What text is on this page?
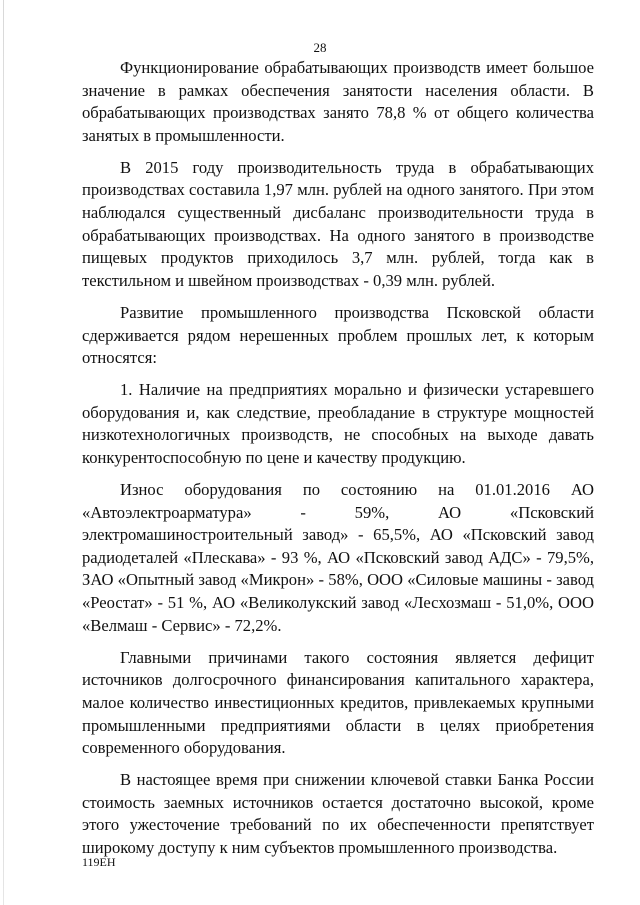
28

Функционирование обрабатывающих производств имеет большое значение в рамках обеспечения занятости населения области. В обрабатывающих производствах занято 78,8 % от общего количества занятых в промышленности.

В 2015 году производительность труда в обрабатывающих производствах составила 1,97 млн. рублей на одного занятого. При этом наблюдался существенный дисбаланс производительности труда в обрабатывающих производствах. На одного занятого в производстве пищевых продуктов приходилось 3,7 млн. рублей, тогда как в текстильном и швейном производствах - 0,39 млн. рублей.

Развитие промышленного производства Псковской области сдерживается рядом нерешенных проблем прошлых лет, к которым относятся:

1. Наличие на предприятиях морально и физически устаревшего оборудования и, как следствие, преобладание в структуре мощностей низкотехнологичных производств, не способных на выходе давать конкурентоспособную по цене и качеству продукцию.

Износ оборудования по состоянию на 01.01.2016 АО «Автоэлектроарматура» - 59%, АО «Псковский электромашиностроительный завод» - 65,5%, АО «Псковский завод радиодеталей «Плескава» - 93 %, АО «Псковский завод АДС» - 79,5%, ЗАО «Опытный завод «Микрон» - 58%, ООО «Силовые машины - завод «Реостат» - 51 %, АО «Великолукский завод «Лесхозмаш - 51,0%, ООО «Велмаш - Сервис» - 72,2%.

Главными причинами такого состояния является дефицит источников долгосрочного финансирования капитального характера, малое количество инвестиционных кредитов, привлекаемых крупными промышленными предприятиями области в целях приобретения современного оборудования.

В настоящее время при снижении ключевой ставки Банка России стоимость заемных источников остается достаточно высокой, кроме этого ужесточение требований по их обеспеченности препятствует широкому доступу к ним субъектов промышленного производства.

119ЕН
